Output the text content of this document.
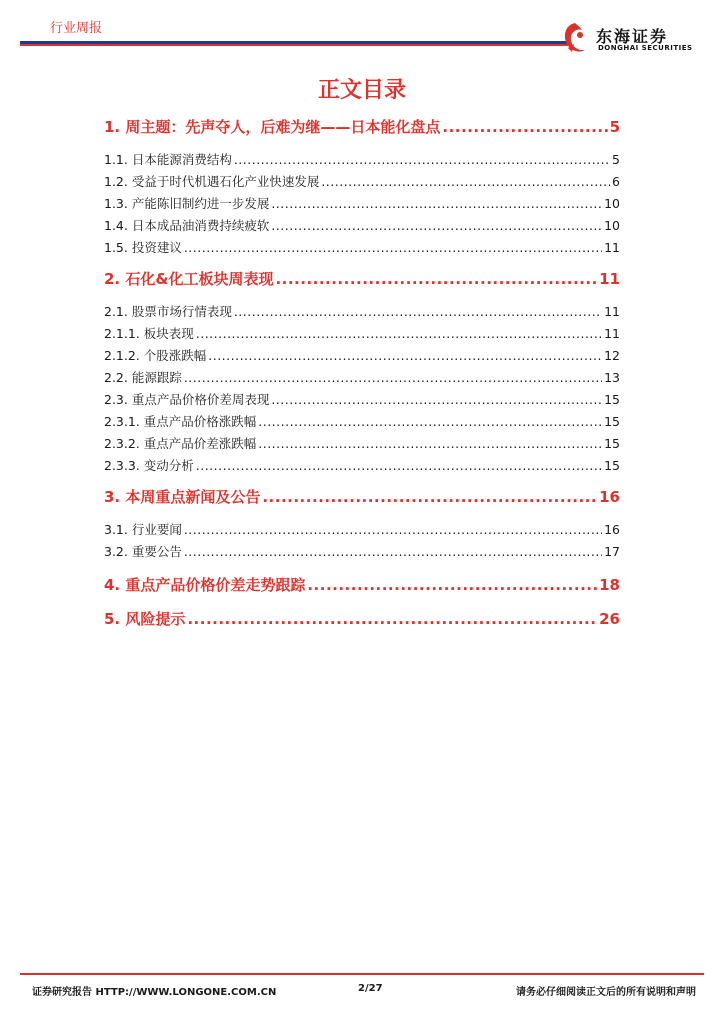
行业周报	东海证券
DONGHAI SECURITIES
正文目录
1. 周主题：先声夺人，后难为继——日本能化盘点 .....	5
1.1. 日本能源消费结构 .....	5
1.2. 受益于时代机遇石化产业快速发展 .....	6
1.3. 产能陈旧制约进一步发展 .....	10
1.4. 日本成品油消费持续疲软 .....	10
1.5. 投资建议 .....	11
2. 石化&化工板块周表现 .....	11
2.1. 股票市场行情表现 .....	11
2.1.1. 板块表现 .....	11
2.1.2. 个股涨跌幅 .....	12
2.2. 能源跟踪 .....	13
2.3. 重点产品价格价差周表现 .....	15
2.3.1. 重点产品价格涨跌幅 .....	15
2.3.2. 重点产品价差涨跌幅 .....	15
2.3.3. 变动分析 .....	15
3. 本周重点新闻及公告 .....	16
3.1. 行业要闻 .....	16
3.2. 重要公告 .....	17
4. 重点产品价格价差走势跟踪 .....	18
5. 风险提示 .....	26
证券研究报告 HTTP://WWW.LONGONE.COM.CN	2/27	请务必仔细阅读正文后的所有说明和声明
